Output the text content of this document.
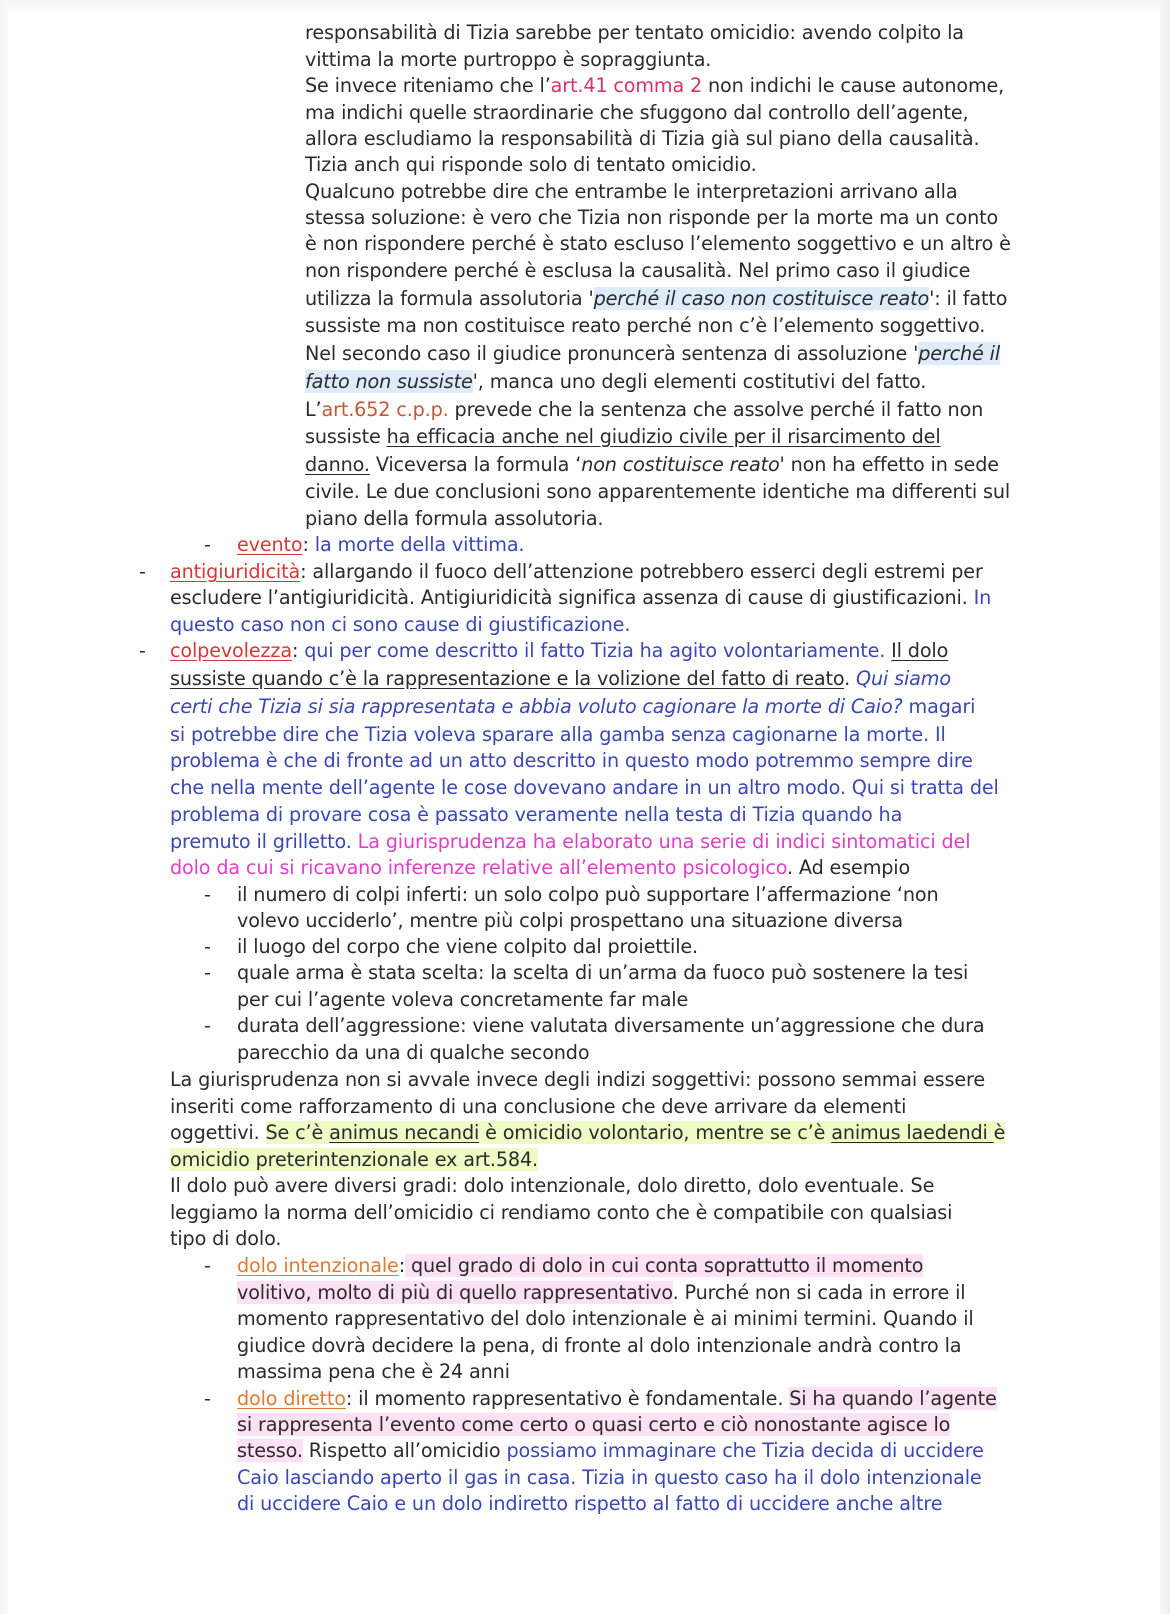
responsabilità di Tizia sarebbe per tentato omicidio: avendo colpito la
vittima la morte purtroppo è sopraggiunta.
Se invece riteniamo che l’art.41 comma 2 non indichi le cause autonome,
ma indichi quelle straordinarie che sfuggono dal controllo dell’agente,
allora escludiamo la responsabilità di Tizia già sul piano della causalità.
Tizia anch qui risponde solo di tentato omicidio.
Qualcuno potrebbe dire che entrambe le interpretazioni arrivano alla
stessa soluzione: è vero che Tizia non risponde per la morte ma un conto
è non rispondere perché è stato escluso l’elemento soggettivo e un altro è
non rispondere perché è esclusa la causalità. Nel primo caso il giudice
utilizza la formula assolutoria 'perché il caso non costituisce reato': il fatto
sussiste ma non costituisce reato perché non c’è l’elemento soggettivo.
Nel secondo caso il giudice pronuncerà sentenza di assoluzione 'perché il
fatto non sussiste', manca uno degli elementi costitutivi del fatto.
L’art.652 c.p.p. prevede che la sentenza che assolve perché il fatto non
sussiste ha efficacia anche nel giudizio civile per il risarcimento del
danno. Viceversa la formula ‘non costituisce reato' non ha effetto in sede
civile. Le due conclusioni sono apparentemente identiche ma differenti sul
piano della formula assolutoria.
- evento: la morte della vittima.
- antigiuridicità: allargando il fuoco dell’attenzione potrebbero esserci degli estremi per
escludere l’antigiuridicità. Antigiuridicità significa assenza di cause di giustificazioni. In
questo caso non ci sono cause di giustificazione.
- colpevolezza: qui per come descritto il fatto Tizia ha agito volontariamente. Il dolo
sussiste quando c’è la rappresentazione e la volizione del fatto di reato. Qui siamo
certi che Tizia si sia rappresentata e abbia voluto cagionare la morte di Caio? magari
si potrebbe dire che Tizia voleva sparare alla gamba senza cagionarne la morte. Il
problema è che di fronte ad un atto descritto in questo modo potremmo sempre dire
che nella mente dell’agente le cose dovevano andare in un altro modo. Qui si tratta del
problema di provare cosa è passato veramente nella testa di Tizia quando ha
premuto il grilletto. La giurisprudenza ha elaborato una serie di indici sintomatici del
dolo da cui si ricavano inferenze relative all’elemento psicologico. Ad esempio
- il numero di colpi inferti: un solo colpo può supportare l’affermazione ‘non
volevo ucciderlo’, mentre più colpi prospettano una situazione diversa
- il luogo del corpo che viene colpito dal proiettile.
- quale arma è stata scelta: la scelta di un’arma da fuoco può sostenere la tesi
per cui l’agente voleva concretamente far male
- durata dell’aggressione: viene valutata diversamente un’aggressione che dura
parecchio da una di qualche secondo
La giurisprudenza non si avvale invece degli indizi soggettivi: possono semmai essere
inseriti come rafforzamento di una conclusione che deve arrivare da elementi
oggettivi. Se c’è animus necandi è omicidio volontario, mentre se c’è animus laedendi è
omicidio preterintenzionale ex art.584.
Il dolo può avere diversi gradi: dolo intenzionale, dolo diretto, dolo eventuale. Se
leggiamo la norma dell’omicidio ci rendiamo conto che è compatibile con qualsiasi
tipo di dolo.
- dolo intenzionale: quel grado di dolo in cui conta soprattutto il momento
volitivo, molto di più di quello rappresentativo. Purché non si cada in errore il
momento rappresentativo del dolo intenzionale è ai minimi termini. Quando il
giudice dovrà decidere la pena, di fronte al dolo intenzionale andrà contro la
massima pena che è 24 anni
- dolo diretto: il momento rappresentativo è fondamentale. Si ha quando l’agente
si rappresenta l’evento come certo o quasi certo e ciò nonostante agisce lo
stesso. Rispetto all’omicidio possiamo immaginare che Tizia decida di uccidere
Caio lasciando aperto il gas in casa. Tizia in questo caso ha il dolo intenzionale
di uccidere Caio e un dolo indiretto rispetto al fatto di uccidere anche altre
